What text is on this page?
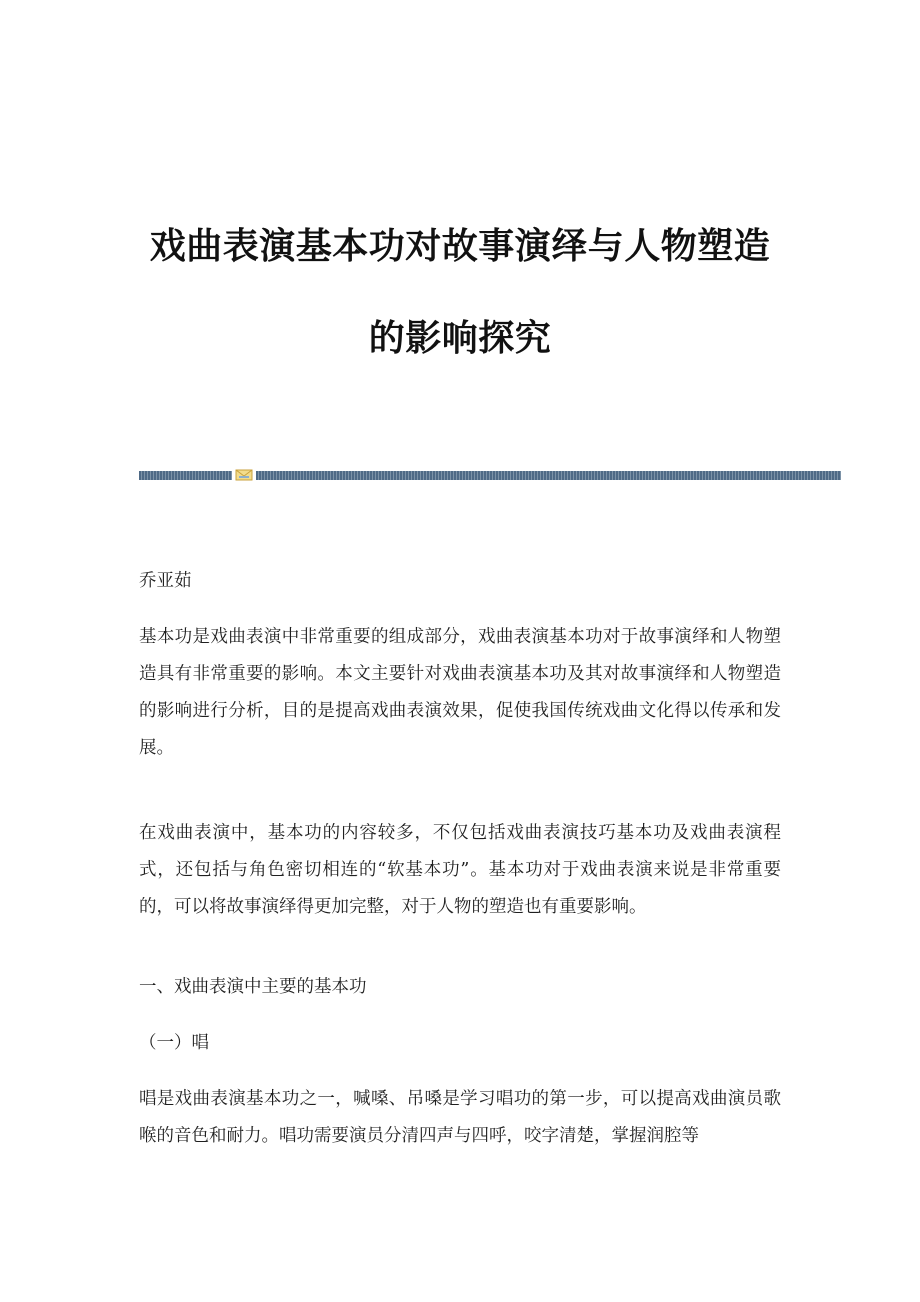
戏曲表演基本功对故事演绎与人物塑造
的影响探究
乔亚茹
基本功是戏曲表演中非常重要的组成部分，戏曲表演基本功对于故事演绎和人物塑造具有非常重要的影响。本文主要针对戏曲表演基本功及其对故事演绎和人物塑造的影响进行分析，目的是提高戏曲表演效果，促使我国传统戏曲文化得以传承和发展。
在戏曲表演中，基本功的内容较多，不仅包括戏曲表演技巧基本功及戏曲表演程式，还包括与角色密切相连的“软基本功”。基本功对于戏曲表演来说是非常重要的，可以将故事演绎得更加完整，对于人物的塑造也有重要影响。
一、戏曲表演中主要的基本功
（一）唱
唱是戏曲表演基本功之一，喊嗓、吊嗓是学习唱功的第一步，可以提高戏曲演员歌喉的音色和耐力。唱功需要演员分清四声与四呼，咬字清楚，掌握润腔等
